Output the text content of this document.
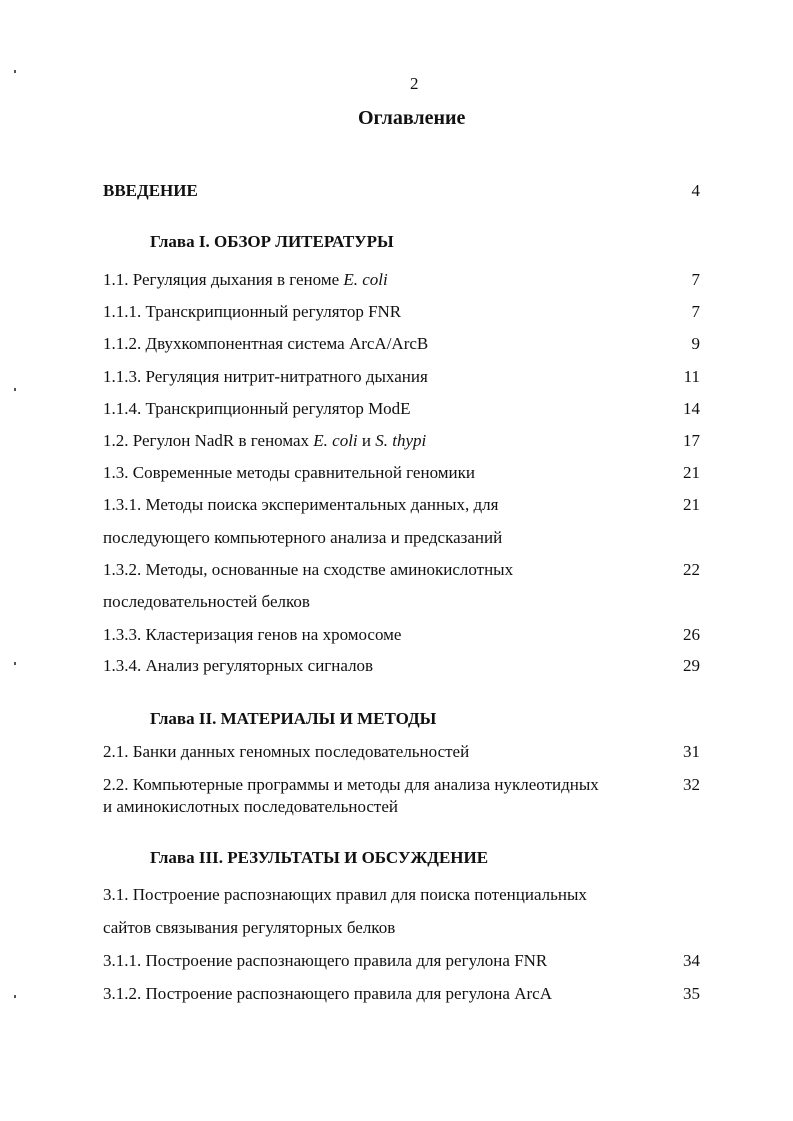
2
Оглавление
ВВЕДЕНИЕ	4
Глава I. ОБЗОР ЛИТЕРАТУРЫ
1.1. Регуляция дыхания в геноме E. coli	7
1.1.1. Транскрипционный регулятор FNR	7
1.1.2. Двухкомпонентная система ArcA/ArcB	9
1.1.3. Регуляция нитрит-нитратного дыхания	11
1.1.4. Транскрипционный регулятор ModE	14
1.2. Регулон NadR в геномах E. coli и S. thypi	17
1.3. Современные методы сравнительной геномики	21
1.3.1. Методы поиска экспериментальных данных, для	21
последующего компьютерного анализа и предсказаний
1.3.2. Методы, основанные на сходстве аминокислотных	22
последовательностей белков
1.3.3. Кластеризация генов на хромосоме	26
1.3.4. Анализ регуляторных сигналов	29
Глава II. МАТЕРИАЛЫ И МЕТОДЫ
2.1. Банки данных геномных последовательностей	31
2.2. Компьютерные программы и методы для анализа нуклеотидных	32
и аминокислотных последовательностей
Глава III. РЕЗУЛЬТАТЫ И ОБСУЖДЕНИЕ
3.1. Построение распознающих правил для поиска потенциальных
сайтов связывания регуляторных белков
3.1.1. Построение распознающего правила для регулона FNR	34
3.1.2. Построение распознающего правила для регулона ArcA	35
